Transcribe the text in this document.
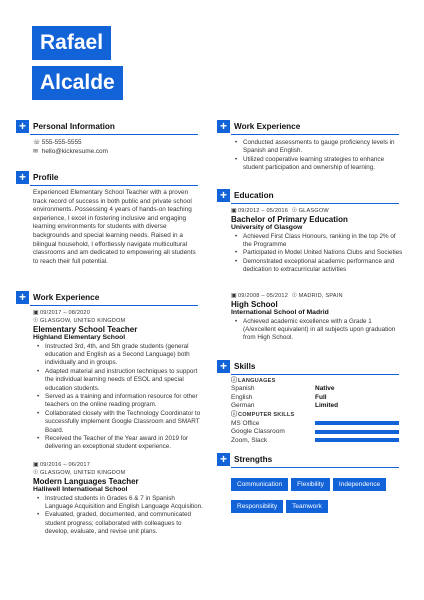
Rafael
Alcalde
+ Personal Information
☏ 555-555-5555
✉ hello@kickresume.com
+ Profile
Experienced Elementary School Teacher with a proven track record of success in both public and private school environments. Possessing 4 years of hands-on teaching experience, I excel in fostering inclusive and engaging learning environments for students with diverse backgrounds and special learning needs. Raised in a bilingual household, I effortlessly navigate multicultural classrooms and am dedicated to empowering all students to reach their full potential.
+ Work Experience
▣09/2017 – 08/2020
☉GLASGOW, UNITED KINGDOM
Elementary School Teacher
Highland Elementary School
• Instructed 3rd, 4th, and 5th grade students (general education and English as a Second Language) both individually and in groups.
• Adapted material and instruction techniques to support the individual learning needs of ESOL and special education students.
• Served as a training and information resource for other teachers on the online reading program.
• Collaborated closely with the Technology Coordinator to successfully implement Google Classroom and SMART Board.
• Received the Teacher of the Year award in 2019 for delivering an exceptional student experience.
▣09/2016 – 06/2017
☉GLASGOW, UNITED KINGDOM
Modern Languages Teacher
Halliwell International School
• Instructed students in Grades 6 & 7 in Spanish Language Acquisition and English Language Acquisition.
• Evaluated, graded, documented, and communicated student progress; collaborated with colleagues to develop, evaluate, and revise unit plans.
+ Work Experience
• Conducted assessments to gauge proficiency levels in Spanish and English.
• Utilized cooperative learning strategies to enhance student participation and ownership of learning.
+ Education
▣09/2012 – 05/2016 ☉GLASGOW
Bachelor of Primary Education
University of Glasgow
• Achieved First Class Honours, ranking in the top 2% of the Programme
• Participated in Model United Nations Clubs and Societies
• Demonstrated exceptional academic performance and dedication to extracurricular activities
▣09/2008 – 05/2012 ☉MADRID, SPAIN
High School
International School of Madrid
• Achieved academic excellence with a Grade 1 (A/excellent equivalent) in all subjects upon graduation from High School.
+ Skills
ⓘLANGUAGES
Spanish	Native
English	Full
German	Limited
ⓘCOMPUTER SKILLS
MS Office
Google Classroom
Zoom, Slack
+ Strengths
Communication Flexibility IndependenceResponsibility Teamwork
